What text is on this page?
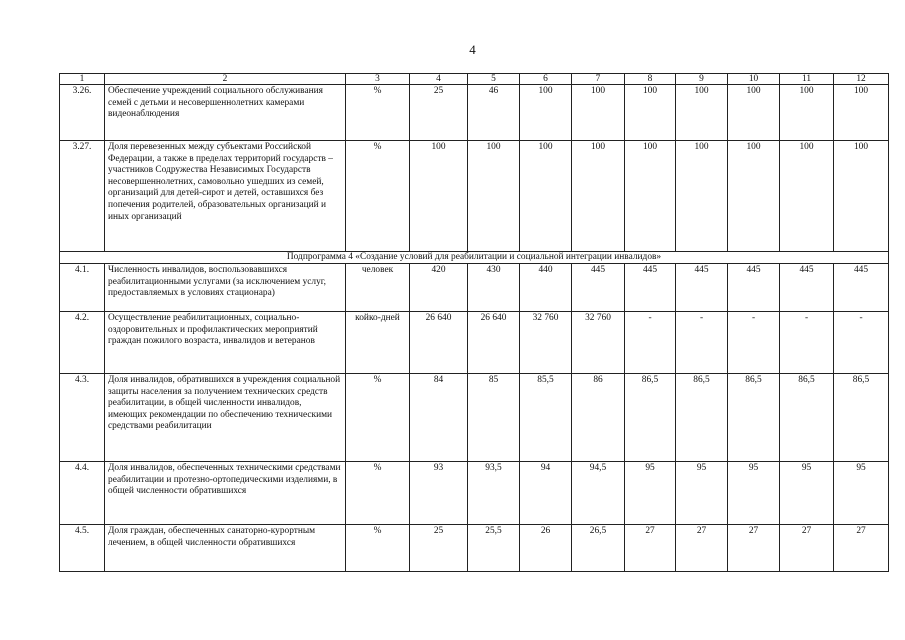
4
1	2	3	4	5	6	7	8	9	10	11	12
3.26.	Обеспечение учреждений социального обслуживания семей с детьми и несовершеннолетних камерами видеонаблюдения	%	25	46	100	100	100	100	100	100	100
3.27.	Доля перевезенных между субъектами Российской Федерации, а также в пределах территорий государств – участников Содружества Независимых Государств несовершеннолетних, самовольно ушедших из семей, организаций для детей-сирот и детей, оставшихся без попечения родителей, образовательных организаций и иных организаций	%	100	100	100	100	100	100	100	100	100
Подпрограмма 4 «Создание условий для реабилитации и социальной интеграции инвалидов»											
4.1.	Численность инвалидов, воспользовавшихся реабилитационными услугами (за исключением услуг, предоставляемых в условиях стационара)	человек	420	430	440	445	445	445	445	445	445
4.2.	Осуществление реабилитационных, социально-оздоровительных и профилактических мероприятий граждан пожилого возраста, инвалидов и ветеранов	койко-дней	26 640	26 640	32 760	32 760	-	-	-	-	-
4.3.	Доля инвалидов, обратившихся в учреждения социальной защиты населения за получением технических средств реабилитации, в общей численности инвалидов, имеющих рекомендации по обеспечению техническими средствами реабилитации	%	84	85	85,5	86	86,5	86,5	86,5	86,5	86,5
4.4.	Доля инвалидов, обеспеченных техническими средствами реабилитации и протезно-ортопедическими изделиями, в общей численности обратившихся	%	93	93,5	94	94,5	95	95	95	95	95
4.5.	Доля граждан, обеспеченных санаторно-курортным лечением, в общей численности обратившихся	%	25	25,5	26	26,5	27	27	27	27	27
